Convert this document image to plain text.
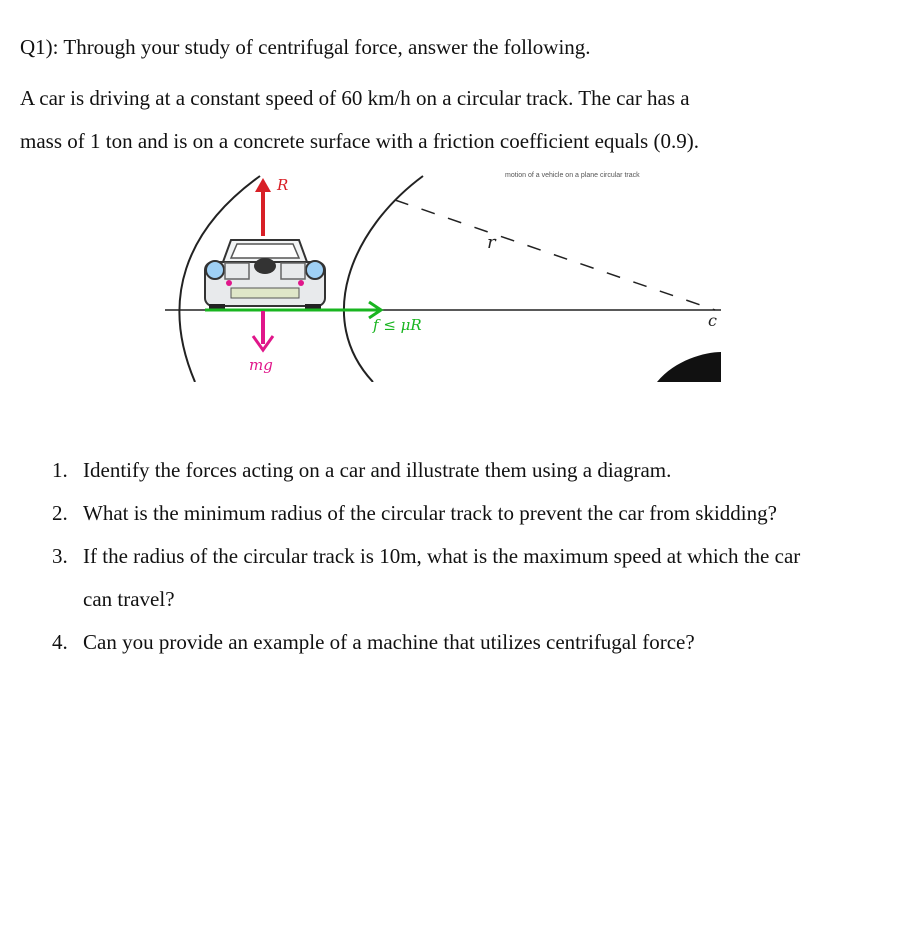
Q1): Through your study of centrifugal force, answer the following.
A car is driving at a constant speed of 60 km/h on a circular track. The car has a
mass of 1 ton and is on a concrete surface with a friction coefficient equals (0.9).
motion of a vehicle on a plane circular track
r
c
R
f ≤ μR
mg
1. Identify the forces acting on a car and illustrate them using a diagram.
2. What is the minimum radius of the circular track to prevent the car from skidding?
3. If the radius of the circular track is 10m, what is the maximum speed at which the car can travel?
4. Can you provide an example of a machine that utilizes centrifugal force?
